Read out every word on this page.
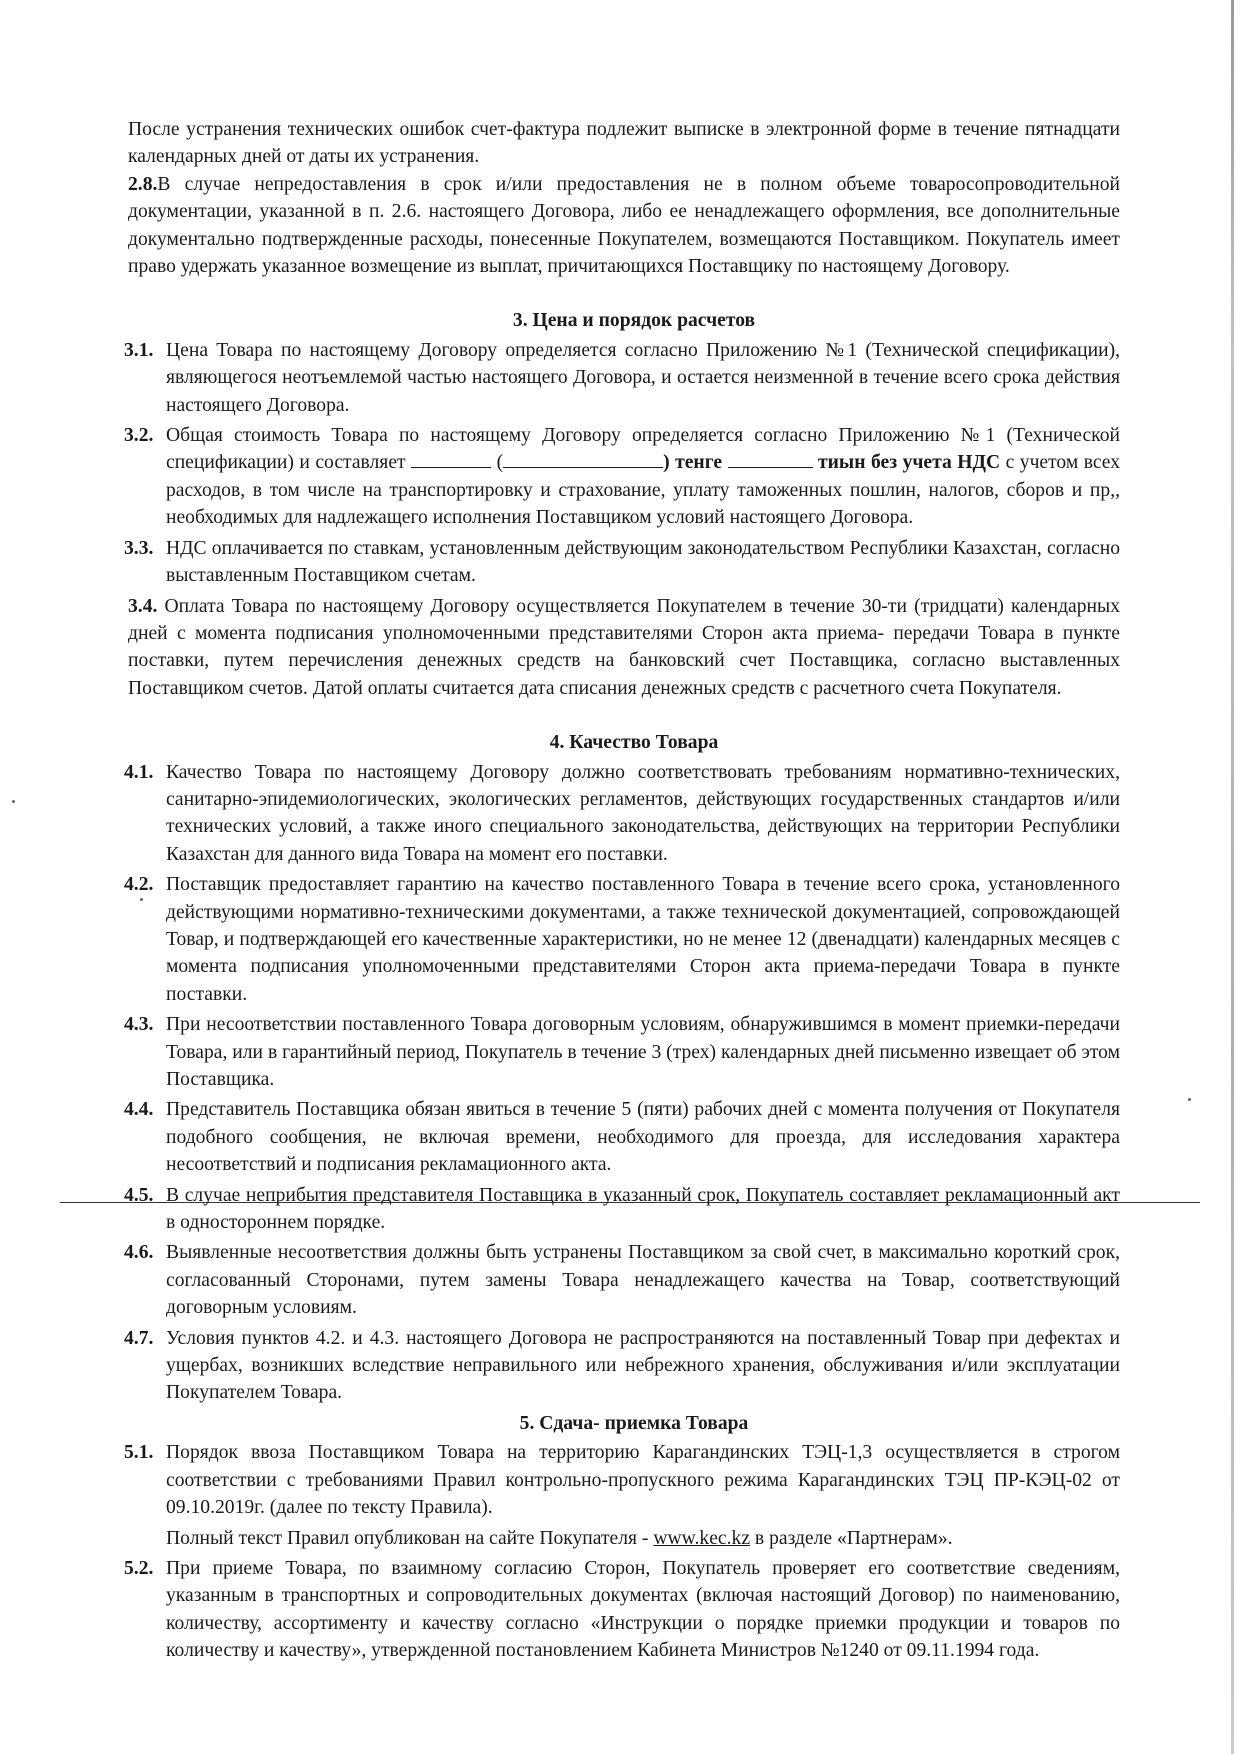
После устранения технических ошибок счет-фактура подлежит выписке в электронной форме в течение пятнадцати календарных дней от даты их устранения.

2.8.В случае непредоставления в срок и/или предоставления не в полном объеме товаросопроводительной документации, указанной в п. 2.6. настоящего Договора, либо ее ненадлежащего оформления, все дополнительные документально подтвержденные расходы, понесенные Покупателем, возмещаются Поставщиком. Покупатель имеет право удержать указанное возмещение из выплат, причитающихся Поставщику по настоящему Договору.

3. Цена и порядок расчетов
3.1. Цена Товара по настоящему Договору определяется согласно Приложению №1 (Технической спецификации), являющегося неотъемлемой частью настоящего Договора, и остается неизменной в течение всего срока действия настоящего Договора.
3.2. Общая стоимость Товара по настоящему Договору определяется согласно Приложению №1 (Технической спецификации) и составляет	(	) тенге	тиын без учета НДС с учетом всех расходов, в том числе на транспортировку и страхование, уплату таможенных пошлин, налогов, сборов и пр,, необходимых для надлежащего исполнения Поставщиком условий настоящего Договора.
3.3. НДС оплачивается по ставкам, установленным действующим законодательством Республики Казахстан, согласно выставленным Поставщиком счетам.
3.4. Оплата Товара по настоящему Договору осуществляется Покупателем в течение 30-ти (тридцати) календарных дней с момента подписания уполномоченными представителями Сторон акта приема- передачи Товара в пункте поставки, путем перечисления денежных средств на банковский счет Поставщика, согласно выставленных Поставщиком счетов. Датой оплаты считается дата списания денежных средств с расчетного счета Покупателя.
4. Качество Товара
4.1. Качество Товара по настоящему Договору должно соответствовать требованиям нормативно-технических, санитарно-эпидемиологических, экологических регламентов, действующих государственных стандартов и/или технических условий, а также иного специального законодательства, действующих на территории Республики Казахстан для данного вида Товара на момент его поставки.
4.2. Поставщик предоставляет гарантию на качество поставленного Товара в течение всего срока, установленного действующими нормативно-техническими документами, а также технической документацией, сопровождающей Товар, и подтверждающей его качественные характеристики, но не менее 12 (двенадцати) календарных месяцев с момента подписания уполномоченными представителями Сторон акта приема-передачи Товара в пункте поставки.
4.3. При несоответствии поставленного Товара договорным условиям, обнаружившимся в момент приемки-передачи Товара, или в гарантийный период, Покупатель в течение 3 (трех) календарных дней письменно извещает об этом Поставщика.
4.4. Представитель Поставщика обязан явиться в течение 5 (пяти) рабочих дней с момента получения от Покупателя подобного сообщения, не включая времени, необходимого для проезда, для исследования характера несоответствий и подписания рекламационного акта.
4.5. В случае неприбытия представителя Поставщика в указанный срок, Покупатель составляет рекламационный акт в одностороннем порядке.
4.6. Выявленные несоответствия должны быть устранены Поставщиком за свой счет, в максимально короткий срок, согласованный Сторонами, путем замены Товара ненадлежащего качества на Товар, соответствующий договорным условиям.
4.7. Условия пунктов 4.2. и 4.3. настоящего Договора не распространяются на поставленный Товар при дефектах и ущербах, возникших вследствие неправильного или небрежного хранения, обслуживания и/или эксплуатации Покупателем Товара.
5. Сдача- приемка Товара
5.1. Порядок ввоза Поставщиком Товара на территорию Карагандинских ТЭЦ-1,3 осуществляется в строгом соответствии с требованиями Правил контрольно-пропускного режима Карагандинских ТЭЦ ПР-КЭЦ-02 от 09.10.2019г. (далее по тексту Правила).
Полный текст Правил опубликован на сайте Покупателя - www.kec.kz в разделе «Партнерам».
5.2. При приеме Товара, по взаимному согласию Сторон, Покупатель проверяет его соответствие сведениям, указанным в транспортных и сопроводительных документах (включая настоящий Договор) по наименованию, количеству, ассортименту и качеству согласно «Инструкции о порядке приемки продукции и товаров по количеству и качеству», утвержденной постановлением Кабинета Министров №1240 от 09.11.1994 года.
